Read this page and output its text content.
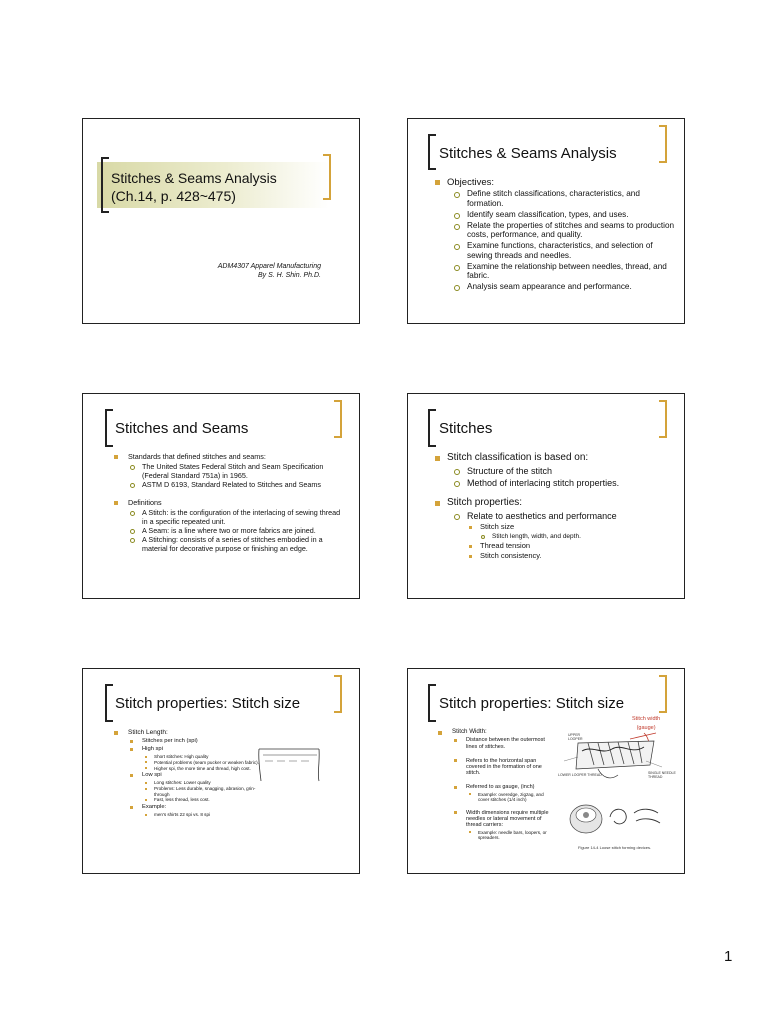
Stitches & Seams Analysis
(Ch.14, p. 428~475)
ADM4307 Apparel Manufacturing
By S. H. Shin. Ph.D.
Stitches & Seams Analysis
Objectives:
Define stitch classifications, characteristics, and formation.
Identify seam classification, types, and uses.
Relate the properties of stitches and seams to production costs, performance, and quality.
Examine functions, characteristics, and selection of sewing threads and needles.
Examine the relationship between needles, thread, and fabric.
Analysis seam appearance and performance.
Stitches and Seams
Standards that defined stitches and seams:
The United States Federal Stitch and Seam Specification (Federal Standard 751a) in 1965.
ASTM D 6193, Standard Related to Stitches and Seams
Definitions
A Stitch: is the configuration of the interlacing of sewing thread in a specific repeated unit.
A Seam: is a line where two or more fabrics are joined.
A Stitching: consists of a series of stitches embodied in a material for decorative purpose or finishing an edge.
Stitches
Stitch classification is based on:
Structure of the stitch
Method of interlacing stitch properties.
Stitch properties:
Relate to aesthetics and performance
Stitch size
Stitch length, width, and depth.
Thread tension
Stitch consistency.
Stitch properties: Stitch size
Stitch Length:
Stitches per inch (spi)
High spi
Short stitches: High quality
Potential problems (seam pucker or weaken fabric).
Higher spi, the more time and thread, high cost.
Low spi
Long stitches: Lower quality
Problems: Less durable, snagging, abrasion, grin-through
Fast, less thread, less cost.
Example:
men's shirts 22 spi vs. 8 spi
Stitch properties: Stitch size
Stitch width
(gauge)
Stitch Width:
Distance between the outermost lines of stitches.
Refers to the horizontal span covered in the formation of one stitch.
Referred to as gauge, (inch)
Example: overedge, zigzag, and cover stitches (1/4 inch)
Width dimensions require multiple needles or lateral movement of thread carriers:
Example: needle bars, loopers, or spreaders.
UPPER LOOPER
LOWER LOOPER THREAD	SINGLE NEEDLE THREAD
Figure 14-4 Loose stitch forming devices.
1
